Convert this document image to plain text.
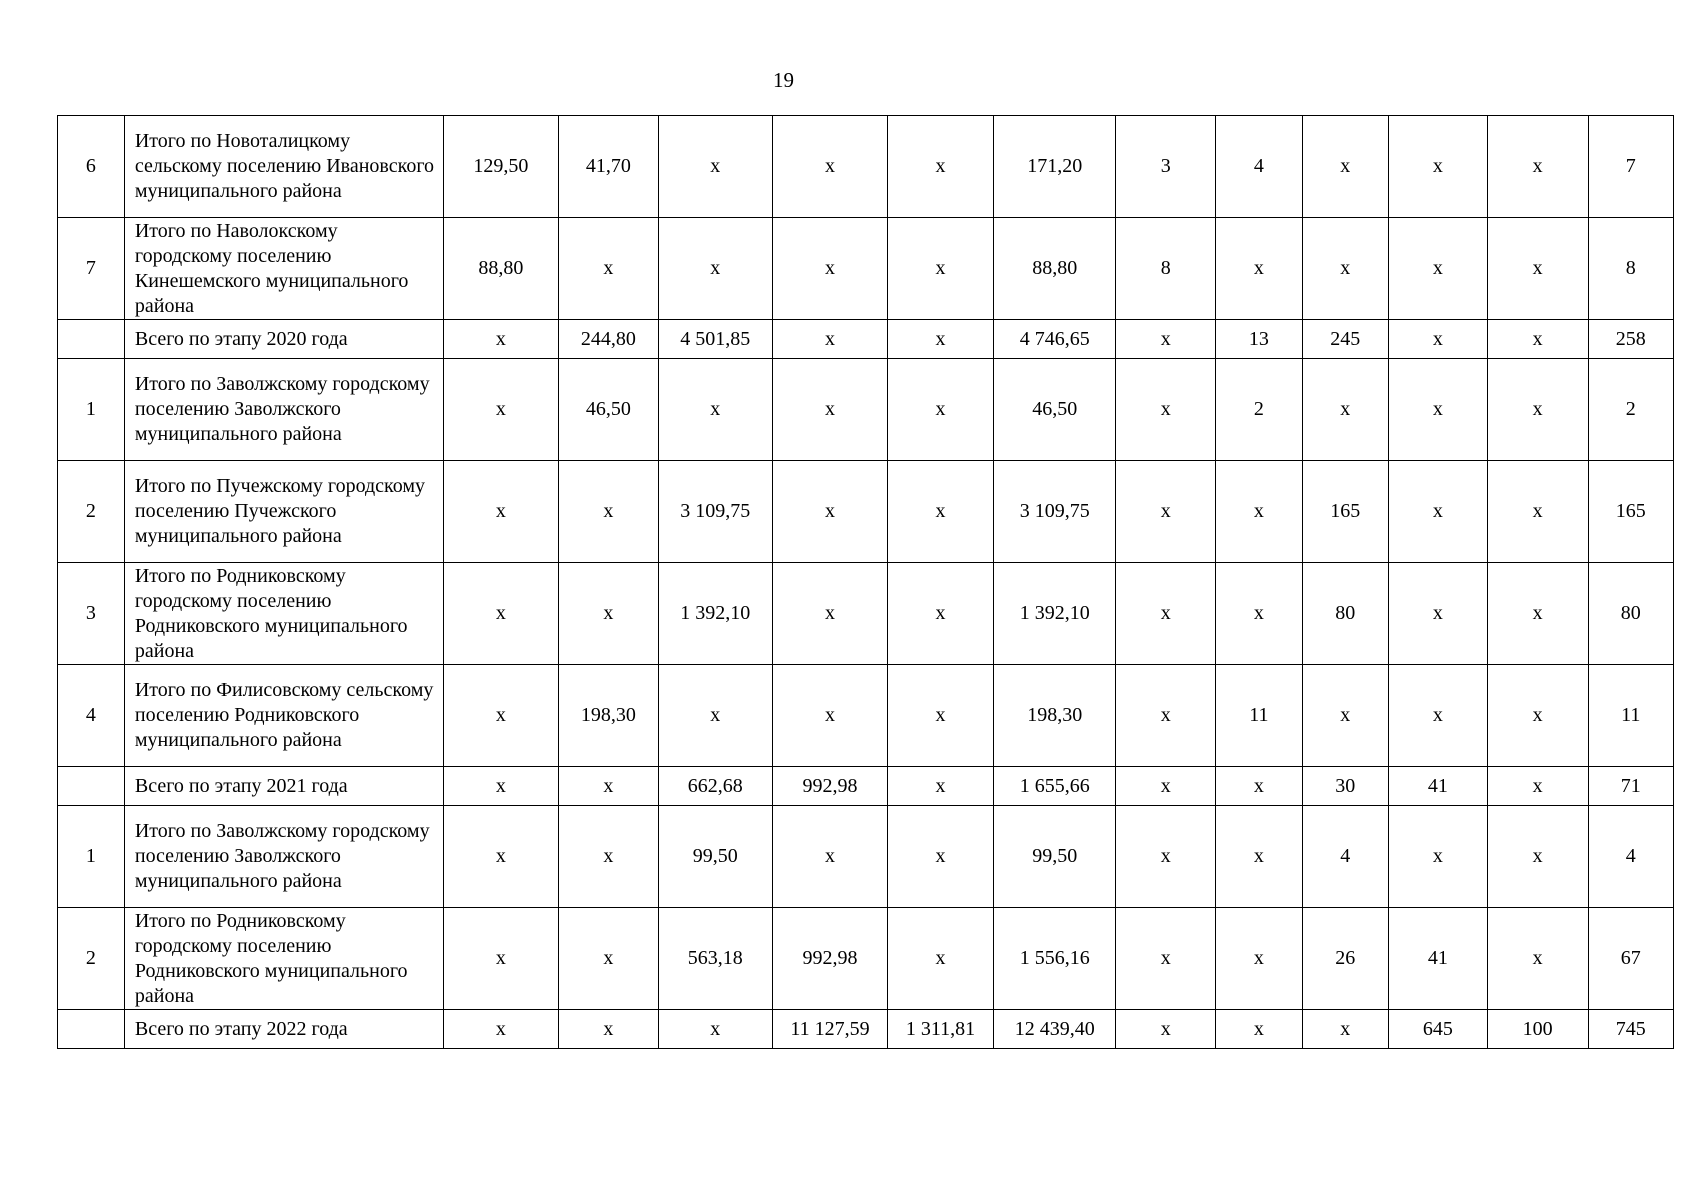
19
6	Итого по Новоталицкому сельскому поселению Ивановского муниципального района	129,50	41,70	х	х	х	171,20	3	4	х	х	х	7
7	Итого по Наволокскому городскому поселению Кинешемского муниципального района	88,80	х	х	х	х	88,80	8	х	х	х	х	8
	Всего по этапу 2020 года	х	244,80	4 501,85	х	х	4 746,65	х	13	245	х	х	258
1	Итого по Заволжскому городскому поселению Заволжского муниципального района	х	46,50	х	х	х	46,50	х	2	х	х	х	2
2	Итого по Пучежскому городскому поселению Пучежского муниципального района	х	х	3 109,75	х	х	3 109,75	х	х	165	х	х	165
3	Итого по Родниковскому городскому поселению Родниковского муниципального района	х	х	1 392,10	х	х	1 392,10	х	х	80	х	х	80
4	Итого по Филисовскому сельскому поселению Родниковского муниципального района	х	198,30	х	х	х	198,30	х	11	х	х	х	11
	Всего по этапу 2021 года	х	х	662,68	992,98	х	1 655,66	х	х	30	41	х	71
1	Итого по Заволжскому городскому поселению Заволжского муниципального района	х	х	99,50	х	х	99,50	х	х	4	х	х	4
2	Итого по Родниковскому городскому поселению Родниковского муниципального района	х	х	563,18	992,98	х	1 556,16	х	х	26	41	х	67
	Всего по этапу 2022 года	х	х	х	11 127,59	1 311,81	12 439,40	х	х	х	645	100	745
